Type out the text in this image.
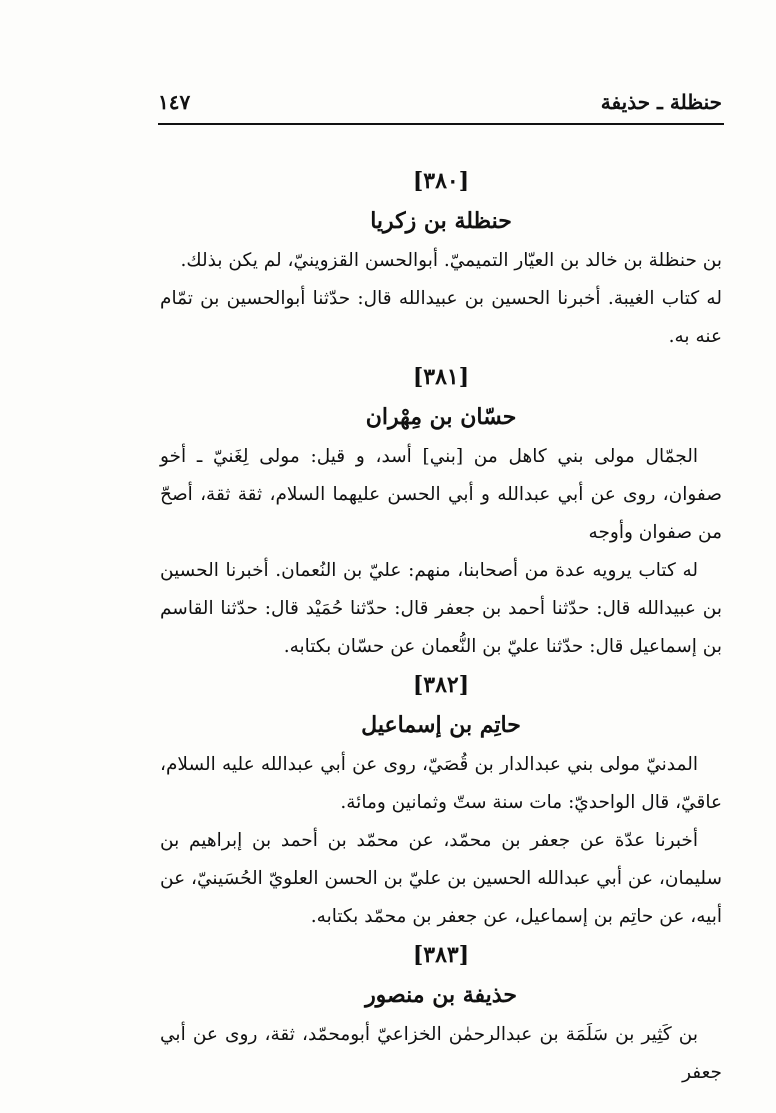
١٤٧	حنظلة ـ حذيفة
[٣٨٠]
حنظلة بن زكريا

بن حنظلة بن خالد بن العيّار التميميّ. أبوالحسن القزوينيّ، لم يكن بذلك.

له كتاب الغيبة. أخبرنا الحسين بن عبيدالله قال: حدّثنا أبوالحسين بن تمّام عنه به.

[٣٨١]
حسّان بن مِهْران

الجمّال مولى بني كاهل من [بني] أسد، و قيل: مولى لِغَنيّ ـ أخو صفوان، روى عن أبي عبدالله و أبي الحسن عليهما السلام، ثقة ثقة، أصحّ من صفوان وأوجه

له كتاب يرويه عدة من أصحابنا، منهم: عليّ بن النُعمان. أخبرنا الحسين بن عبيدالله قال: حدّثنا أحمد بن جعفر قال: حدّثنا حُمَيْد قال: حدّثنا القاسم بن إسماعيل قال: حدّثنا عليّ بن النُّعمان عن حسّان بكتابه.

[٣٨٢]
حاتِم بن إسماعيل

المدنيّ مولى بني عبدالدار بن قُصَيّ، روى عن أبي عبدالله عليه السلام، عاقيّ، قال الواحديّ: مات سنة ستّ وثمانين ومائة.

أخبرنا عدّة عن جعفر بن محمّد، عن محمّد بن أحمد بن إبراهيم بن سليمان، عن أبي عبدالله الحسين بن عليّ بن الحسن العلويّ الحُسَينيّ، عن أبيه، عن حاتِم بن إسماعيل، عن جعفر بن محمّد بكتابه.

[٣٨٣]
حذيفة بن منصور

بن كَثِير بن سَلَمَة بن عبدالرحمٰن الخزاعيّ أبومحمّد، ثقة، روى عن أبي جعفر
